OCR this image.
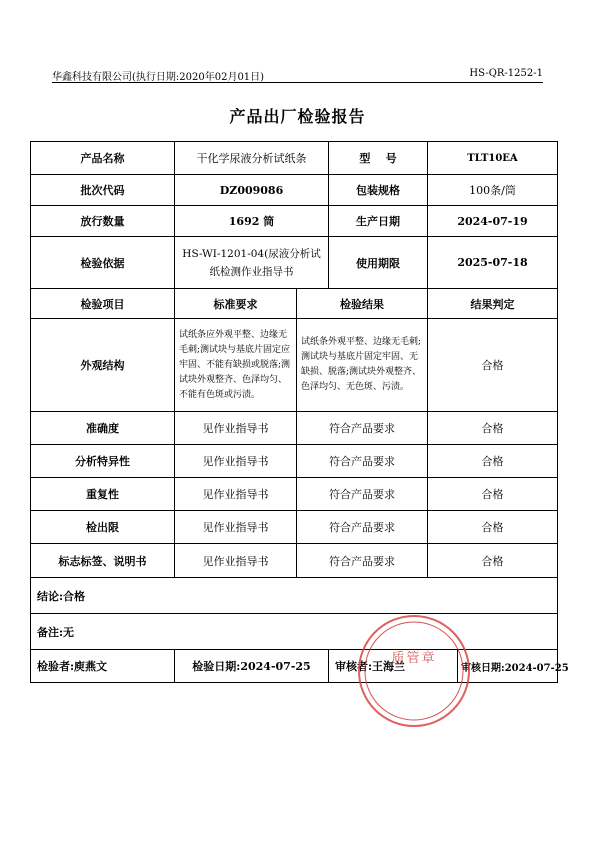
华鑫科技有限公司(执行日期:2020年02月01日)	HS-QR-1252-1
产品出厂检验报告
产品名称	干化学尿液分析试纸条		型    号	TLT10EA	
批次代码	DZ009086		包装规格	100条/筒	
放行数量	1692 筒		生产日期	2024-07-19	
检验依据	HS-WI-1201-04(尿液分析试纸检测作业指导书		使用期限	2025-07-18	
检验项目	标准要求	检验结果		结果判定	
外观结构	试纸条应外观平整、边缘无毛刺;测试块与基底片固定应牢固、不能有缺损或脱落;测试块外观整齐、色泽均匀、不能有色斑或污渍。	试纸条外观平整、边缘无毛刺;测试块与基底片固定牢固、无缺损、脱落;测试块外观整齐、色泽均匀、无色斑、污渍。		合格	
准确度	见作业指导书	符合产品要求		合格	
分析特异性	见作业指导书	符合产品要求		合格	
重复性	见作业指导书	符合产品要求		合格	
检出限	见作业指导书	符合产品要求		合格	
标志标签、说明书	见作业指导书	符合产品要求		合格	
结论:合格					
备注:无					
检验者:庾燕文	检验日期:2024-07-25		审核者:王海兰		审核日期:2024-07-25
质管章
